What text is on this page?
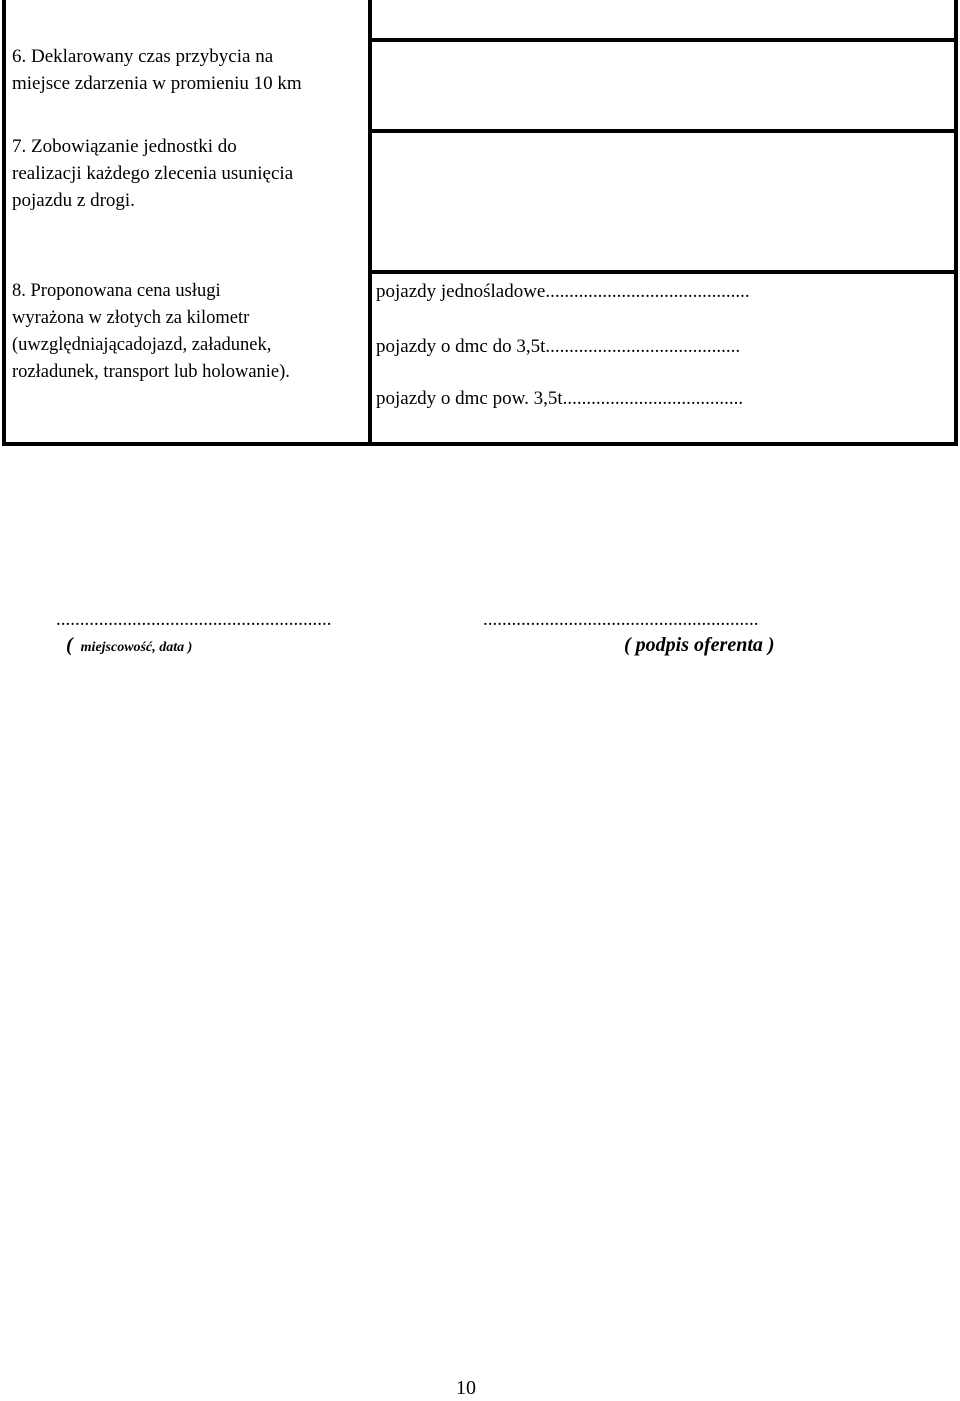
6. Deklarowany czas przybycia na
miejsce zdarzenia w promieniu 10 km
7. Zobowiązanie jednostki do
realizacji każdego zlecenia usunięcia
pojazdu z drogi.
8. Proponowana cena usługi
wyrażona w złotych za kilometr
(uwzględniającadojazd, załadunek,
rozładunek, transport lub holowanie).
pojazdy jednośladowe...........................................
pojazdy o dmc do 3,5t.........................................
pojazdy o dmc pow. 3,5t......................................
..........................................................
( miejscowość, data )
..........................................................
( podpis oferenta )
10
